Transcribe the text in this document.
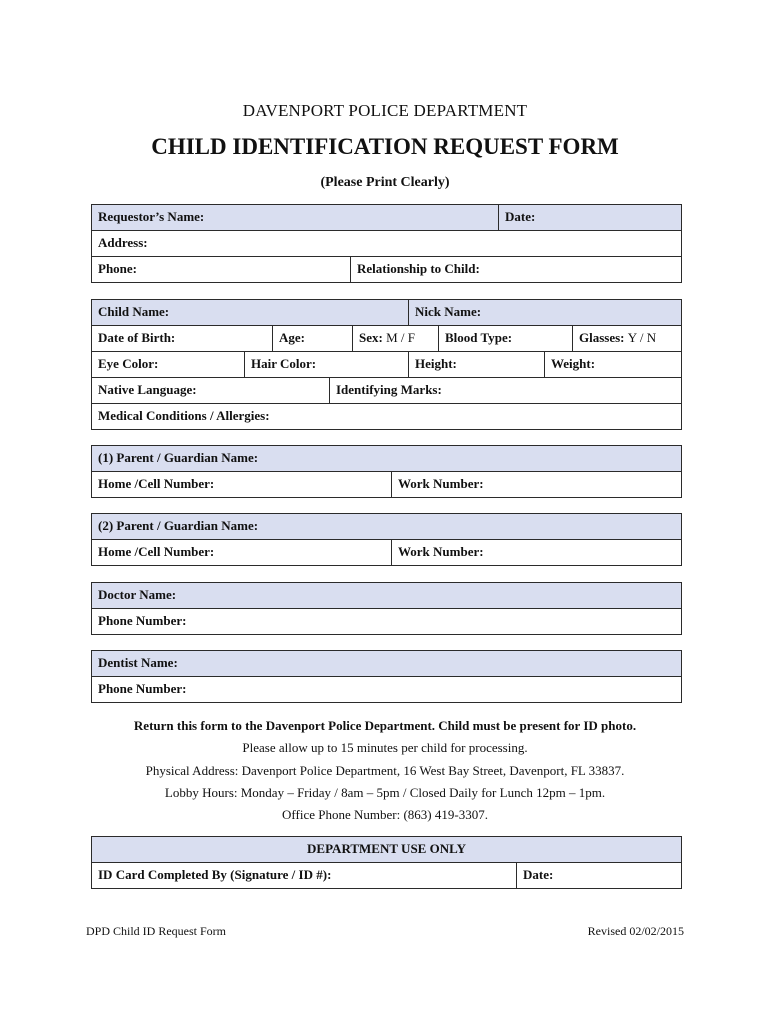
DAVENPORT POLICE DEPARTMENT
CHILD IDENTIFICATION REQUEST FORM
(Please Print Clearly)
Requestor’s Name:	Date:
Address:
Phone:	Relationship to Child:
Child Name:	Nick Name:
Date of Birth:	Age:	Sex: M / F	Blood Type:	Glasses: Y / N
Eye Color:	Hair Color:	Height:	Weight:
Native Language:	Identifying Marks:
Medical Conditions / Allergies:
(1) Parent / Guardian Name:
Home /Cell Number:	Work Number:
(2) Parent / Guardian Name:
Home /Cell Number:	Work Number:
Doctor Name:
Phone Number:
Dentist Name:
Phone Number:
Return this form to the Davenport Police Department. Child must be present for ID photo.
Please allow up to 15 minutes per child for processing.
Physical Address: Davenport Police Department, 16 West Bay Street, Davenport, FL 33837.
Lobby Hours: Monday – Friday / 8am – 5pm / Closed Daily for Lunch 12pm – 1pm.
Office Phone Number: (863) 419-3307.
DEPARTMENT USE ONLY
ID Card Completed By (Signature / ID #):	Date:
DPD Child ID Request Form	Revised 02/02/2015
